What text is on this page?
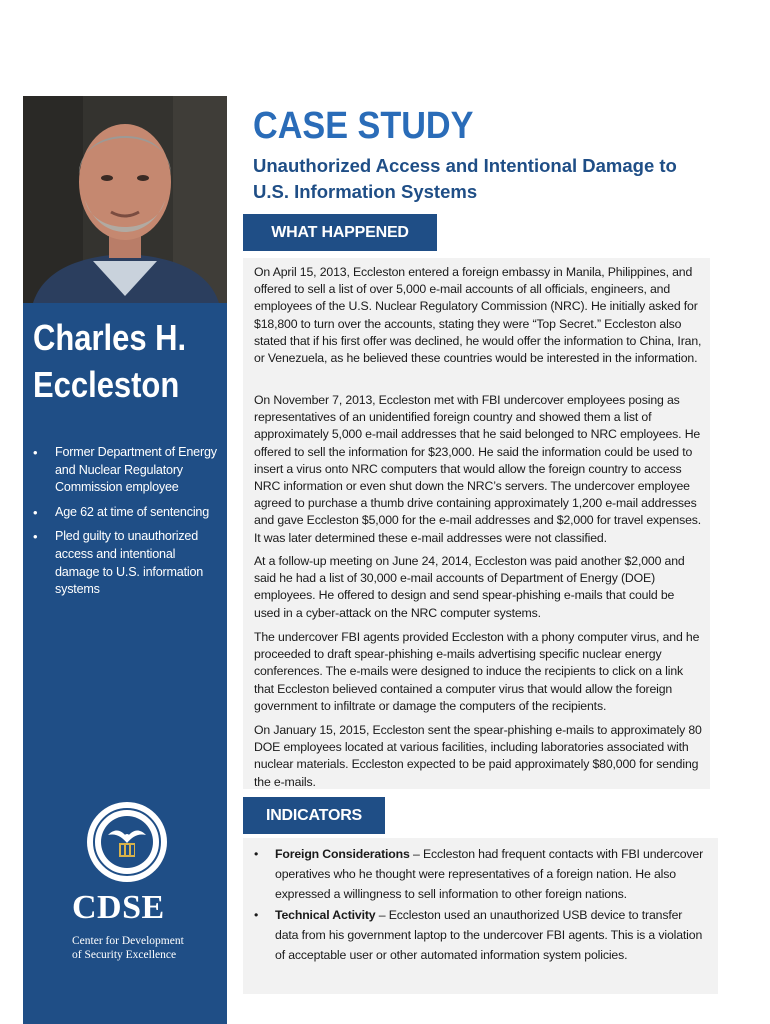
Charles H.
Eccleston
• Former Department of Energy and Nuclear Regulatory Commission employee
• Age 62 at time of sentencing
• Pled guilty to unauthorized access and intentional damage to U.S. information systems
CDSE
Center for Development
of Security Excellence
CASE STUDY
Unauthorized Access and Intentional Damage to U.S. Information Systems
WHAT HAPPENED

On April 15, 2013, Eccleston entered a foreign embassy in Manila, Philippines, and offered to sell a list of over 5,000 e-mail accounts of all officials, engineers, and employees of the U.S. Nuclear Regulatory Commission (NRC). He initially asked for $18,800 to turn over the accounts, stating they were “Top Secret.” Eccleston also stated that if his first offer was declined, he would offer the information to China, Iran, or Venezuela, as he believed these countries would be interested in the information.

On November 7, 2013, Eccleston met with FBI undercover employees posing as representatives of an unidentified foreign country and showed them a list of approximately 5,000 e-mail addresses that he said belonged to NRC employees. He offered to sell the information for $23,000. He said the information could be used to insert a virus onto NRC computers that would allow the foreign country to access NRC information or even shut down the NRC’s servers. The undercover employee agreed to purchase a thumb drive containing approximately 1,200 e-mail addresses and gave Eccleston $5,000 for the e-mail addresses and $2,000 for travel expenses. It was later determined these e-mail addresses were not classified.

At a follow-up meeting on June 24, 2014, Eccleston was paid another $2,000 and said he had a list of 30,000 e-mail accounts of Department of Energy (DOE) employees. He offered to design and send spear-phishing e-mails that could be used in a cyber-attack on the NRC computer systems.

The undercover FBI agents provided Eccleston with a phony computer virus, and he proceeded to draft spear-phishing e-mails advertising specific nuclear energy conferences. The e-mails were designed to induce the recipients to click on a link that Eccleston believed contained a computer virus that would allow the foreign government to infiltrate or damage the computers of the recipients.

On January 15, 2015, Eccleston sent the spear-phishing e-mails to approximately 80 DOE employees located at various facilities, including laboratories associated with nuclear materials. Eccleston expected to be paid approximately $80,000 for sending the e-mails.

INDICATORS
• Foreign Considerations – Eccleston had frequent contacts with FBI undercover operatives who he thought were representatives of a foreign nation. He also expressed a willingness to sell information to other foreign nations.
• Technical Activity – Eccleston used an unauthorized USB device to transfer data from his government laptop to the undercover FBI agents. This is a violation of acceptable user or other automated information system policies.
